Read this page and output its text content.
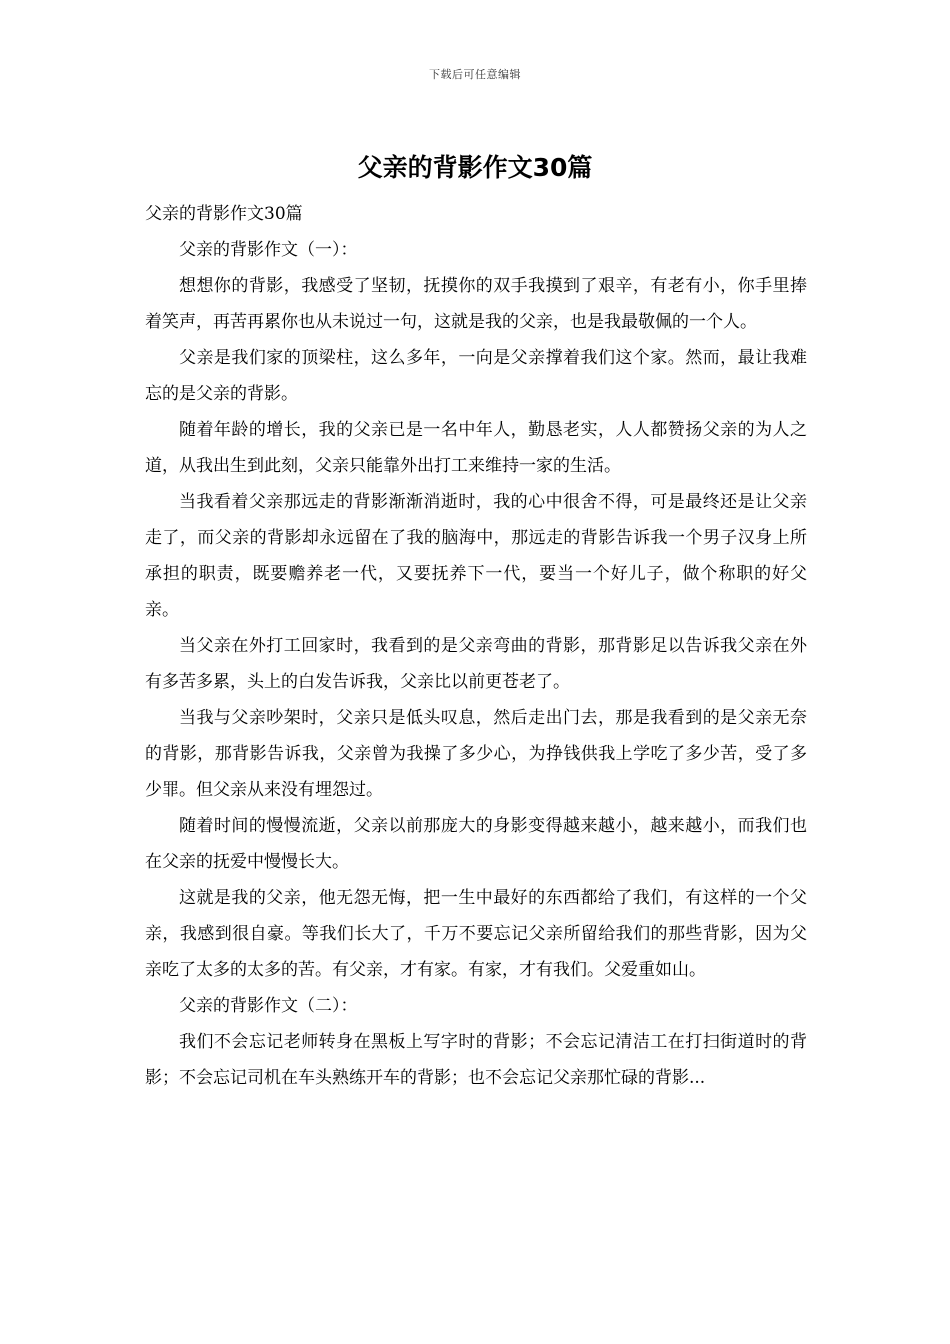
下载后可任意编辑
父亲的背影作文30篇

父亲的背影作文30篇

父亲的背影作文（一）：

想想你的背影，我感受了坚韧，抚摸你的双手我摸到了艰辛，有老有小，你手里捧着笑声，再苦再累你也从未说过一句，这就是我的父亲，也是我最敬佩的一个人。

父亲是我们家的顶梁柱，这么多年，一向是父亲撑着我们这个家。然而，最让我难忘的是父亲的背影。

随着年龄的增长，我的父亲已是一名中年人，勤恳老实，人人都赞扬父亲的为人之道，从我出生到此刻，父亲只能靠外出打工来维持一家的生活。

当我看着父亲那远走的背影渐渐消逝时，我的心中很舍不得，可是最终还是让父亲走了，而父亲的背影却永远留在了我的脑海中，那远走的背影告诉我一个男子汉身上所承担的职责，既要赡养老一代，又要抚养下一代，要当一个好儿子，做个称职的好父亲。

当父亲在外打工回家时，我看到的是父亲弯曲的背影，那背影足以告诉我父亲在外有多苦多累，头上的白发告诉我，父亲比以前更苍老了。

当我与父亲吵架时，父亲只是低头叹息，然后走出门去，那是我看到的是父亲无奈的背影，那背影告诉我，父亲曾为我操了多少心，为挣钱供我上学吃了多少苦，受了多少罪。但父亲从来没有埋怨过。

随着时间的慢慢流逝，父亲以前那庞大的身影变得越来越小，越来越小，而我们也在父亲的抚爱中慢慢长大。

这就是我的父亲，他无怨无悔，把一生中最好的东西都给了我们，有这样的一个父亲，我感到很自豪。等我们长大了，千万不要忘记父亲所留给我们的那些背影，因为父亲吃了太多的太多的苦。有父亲，才有家。有家，才有我们。父爱重如山。

父亲的背影作文（二）：

我们不会忘记老师转身在黑板上写字时的背影；不会忘记清洁工在打扫街道时的背影；不会忘记司机在车头熟练开车的背影；也不会忘记父亲那忙碌的背影...
